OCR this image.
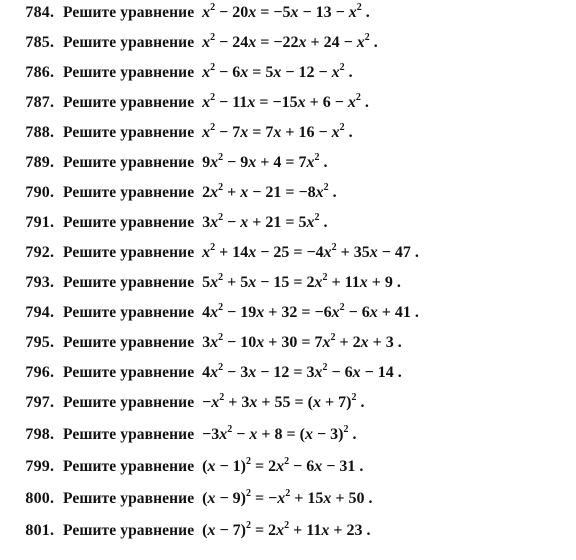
784 . Решите уравнение $x^2 - 20x = -5x - 13 - x^2$ .
785 . Решите уравнение $x^2 - 24x = -22x + 24 - x^2$ .
786 . Решите уравнение $x^2 - 6x = 5x - 12 - x^2$ .
787 . Решите уравнение $x^2 - 11x = -15x + 6 - x^2$ .
788 . Решите уравнение $x^2 - 7x = 7x + 16 - x^2$ .
789 . Решите уравнение $9x^2 - 9x + 4 = 7x^2$ .
790 . Решите уравнение $2x^2 + x - 21 = -8x^2$ .
791 . Решите уравнение $3x^2 - x + 21 = 5x^2$ .
792 . Решите уравнение $x^2 + 14x - 25 = -4x^2 + 35x - 47$ .
793 . Решите уравнение $5x^2 + 5x - 15 = 2x^2 + 11x + 9$ .
794 . Решите уравнение $4x^2 - 19x + 32 = -6x^2 - 6x + 41$ .
795 . Решите уравнение $3x^2 - 10x + 30 = 7x^2 + 2x + 3$ .
796 . Решите уравнение $4x^2 - 3x - 12 = 3x^2 - 6x - 14$ .
797 . Решите уравнение $-x^2 + 3x + 55 = (x + 7)^2$ .
798 . Решите уравнение $-3x^2 - x + 8 = (x - 3)^2$ .
799 . Решите уравнение $(x - 1)^2 = 2x^2 - 6x - 31$ .
800 . Решите уравнение $(x - 9)^2 = -x^2 + 15x + 50$ .
801 . Решите уравнение $(x - 7)^2 = 2x^2 + 11x + 23$ .
